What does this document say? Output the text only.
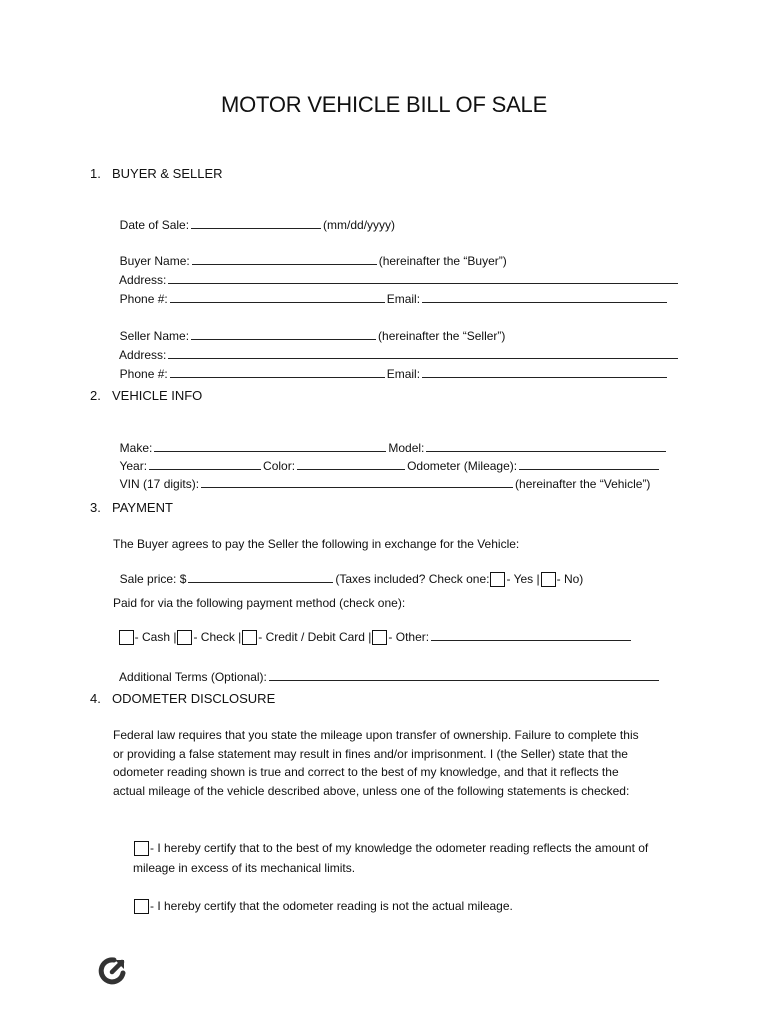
MOTOR VEHICLE BILL OF SALE
1. BUYER & SELLER

Date of Sale:	(mm/dd/yyyy)

Buyer Name:	(hereinafter the “Buyer”)

Address:

Phone #:	Email:

Seller Name:	(hereinafter the “Seller”)

Address:

Phone #:	Email:

2. VEHICLE INFO

Make:	Model:

Year:	Color:	Odometer (Mileage):

VIN (17 digits):	(hereinafter the “Vehicle”)

3. PAYMENT
The Buyer agrees to pay the Seller the following in exchange for the Vehicle:

Sale price: $	(Taxes included? Check one: - Yes | - No)

Paid for via the following payment method (check one):

- Cash | - Check | - Credit / Debit Card | - Other:

Additional Terms (Optional):

4. ODOMETER DISCLOSURE
Federal law requires that you state the mileage upon transfer of ownership. Failure to complete this or providing a false statement may result in fines and/or imprisonment. I (the Seller) state that the odometer reading shown is true and correct to the best of my knowledge, and that it reflects the actual mileage of the vehicle described above, unless one of the following statements is checked:
- I hereby certify that to the best of my knowledge the odometer reading reflects the amount of mileage in excess of its mechanical limits.
- I hereby certify that the odometer reading is not the actual mileage.
